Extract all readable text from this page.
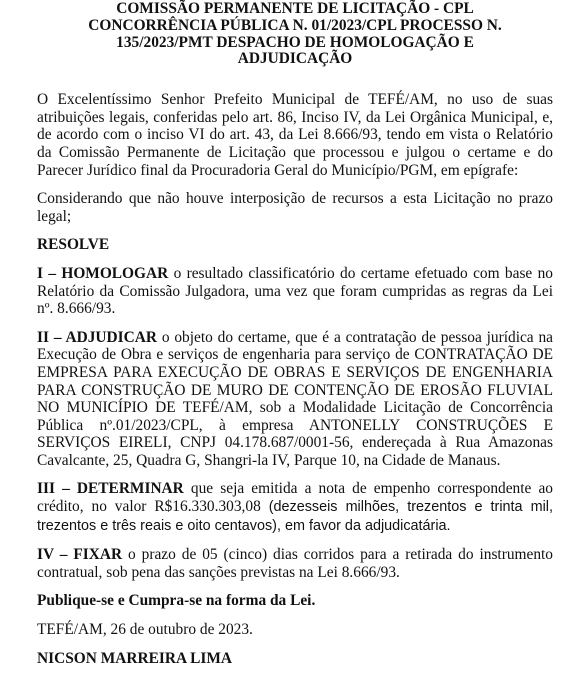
COMISSÃO PERMANENTE DE LICITAÇÃO - CPL
CONCORRÊNCIA PÚBLICA N. 01/2023/CPL PROCESSO N.
135/2023/PMT DESPACHO DE HOMOLOGAÇÃO E
ADJUDICAÇÃO

O Excelentíssimo Senhor Prefeito Municipal de TEFÉ/AM, no uso de suas atribuições legais, conferidas pelo art. 86, Inciso IV, da Lei Orgânica Municipal, e, de acordo com o inciso VI do art. 43, da Lei 8.666/93, tendo em vista o Relatório da Comissão Permanente de Licitação que processou e julgou o certame e do Parecer Jurídico final da Procuradoria Geral do Município/PGM, em epígrafe:

Considerando que não houve interposição de recursos a esta Licitação no prazo legal;

RESOLVE

I – HOMOLOGAR o resultado classificatório do certame efetuado com base no Relatório da Comissão Julgadora, uma vez que foram cumpridas as regras da Lei nº. 8.666/93.

II – ADJUDICAR o objeto do certame, que é a contratação de pessoa jurídica na Execução de Obra e serviços de engenharia para serviço de CONTRATAÇÃO DE EMPRESA PARA EXECUÇÃO DE OBRAS E SERVIÇOS DE ENGENHARIA PARA CONSTRUÇÃO DE MURO DE CONTENÇÃO DE EROSÃO FLUVIAL NO MUNICÍPIO DE TEFÉ/AM, sob a Modalidade Licitação de Concorrência Pública nº.01/2023/CPL, à empresa ANTONELLY CONSTRUÇÕES E SERVIÇOS EIRELI, CNPJ 04.178.687/0001-56, endereçada à Rua Amazonas Cavalcante, 25, Quadra G, Shangri-la IV, Parque 10, na Cidade de Manaus.

III – DETERMINAR que seja emitida a nota de empenho correspondente ao crédito, no valor R$16.330.303,08 (dezesseis milhões, trezentos e trinta mil, trezentos e três reais e oito centavos), em favor da adjudicatária.

IV – FIXAR o prazo de 05 (cinco) dias corridos para a retirada do instrumento contratual, sob pena das sanções previstas na Lei 8.666/93.

Publique-se e Cumpra-se na forma da Lei.

TEFÉ/AM, 26 de outubro de 2023.

NICSON MARREIRA LIMA
